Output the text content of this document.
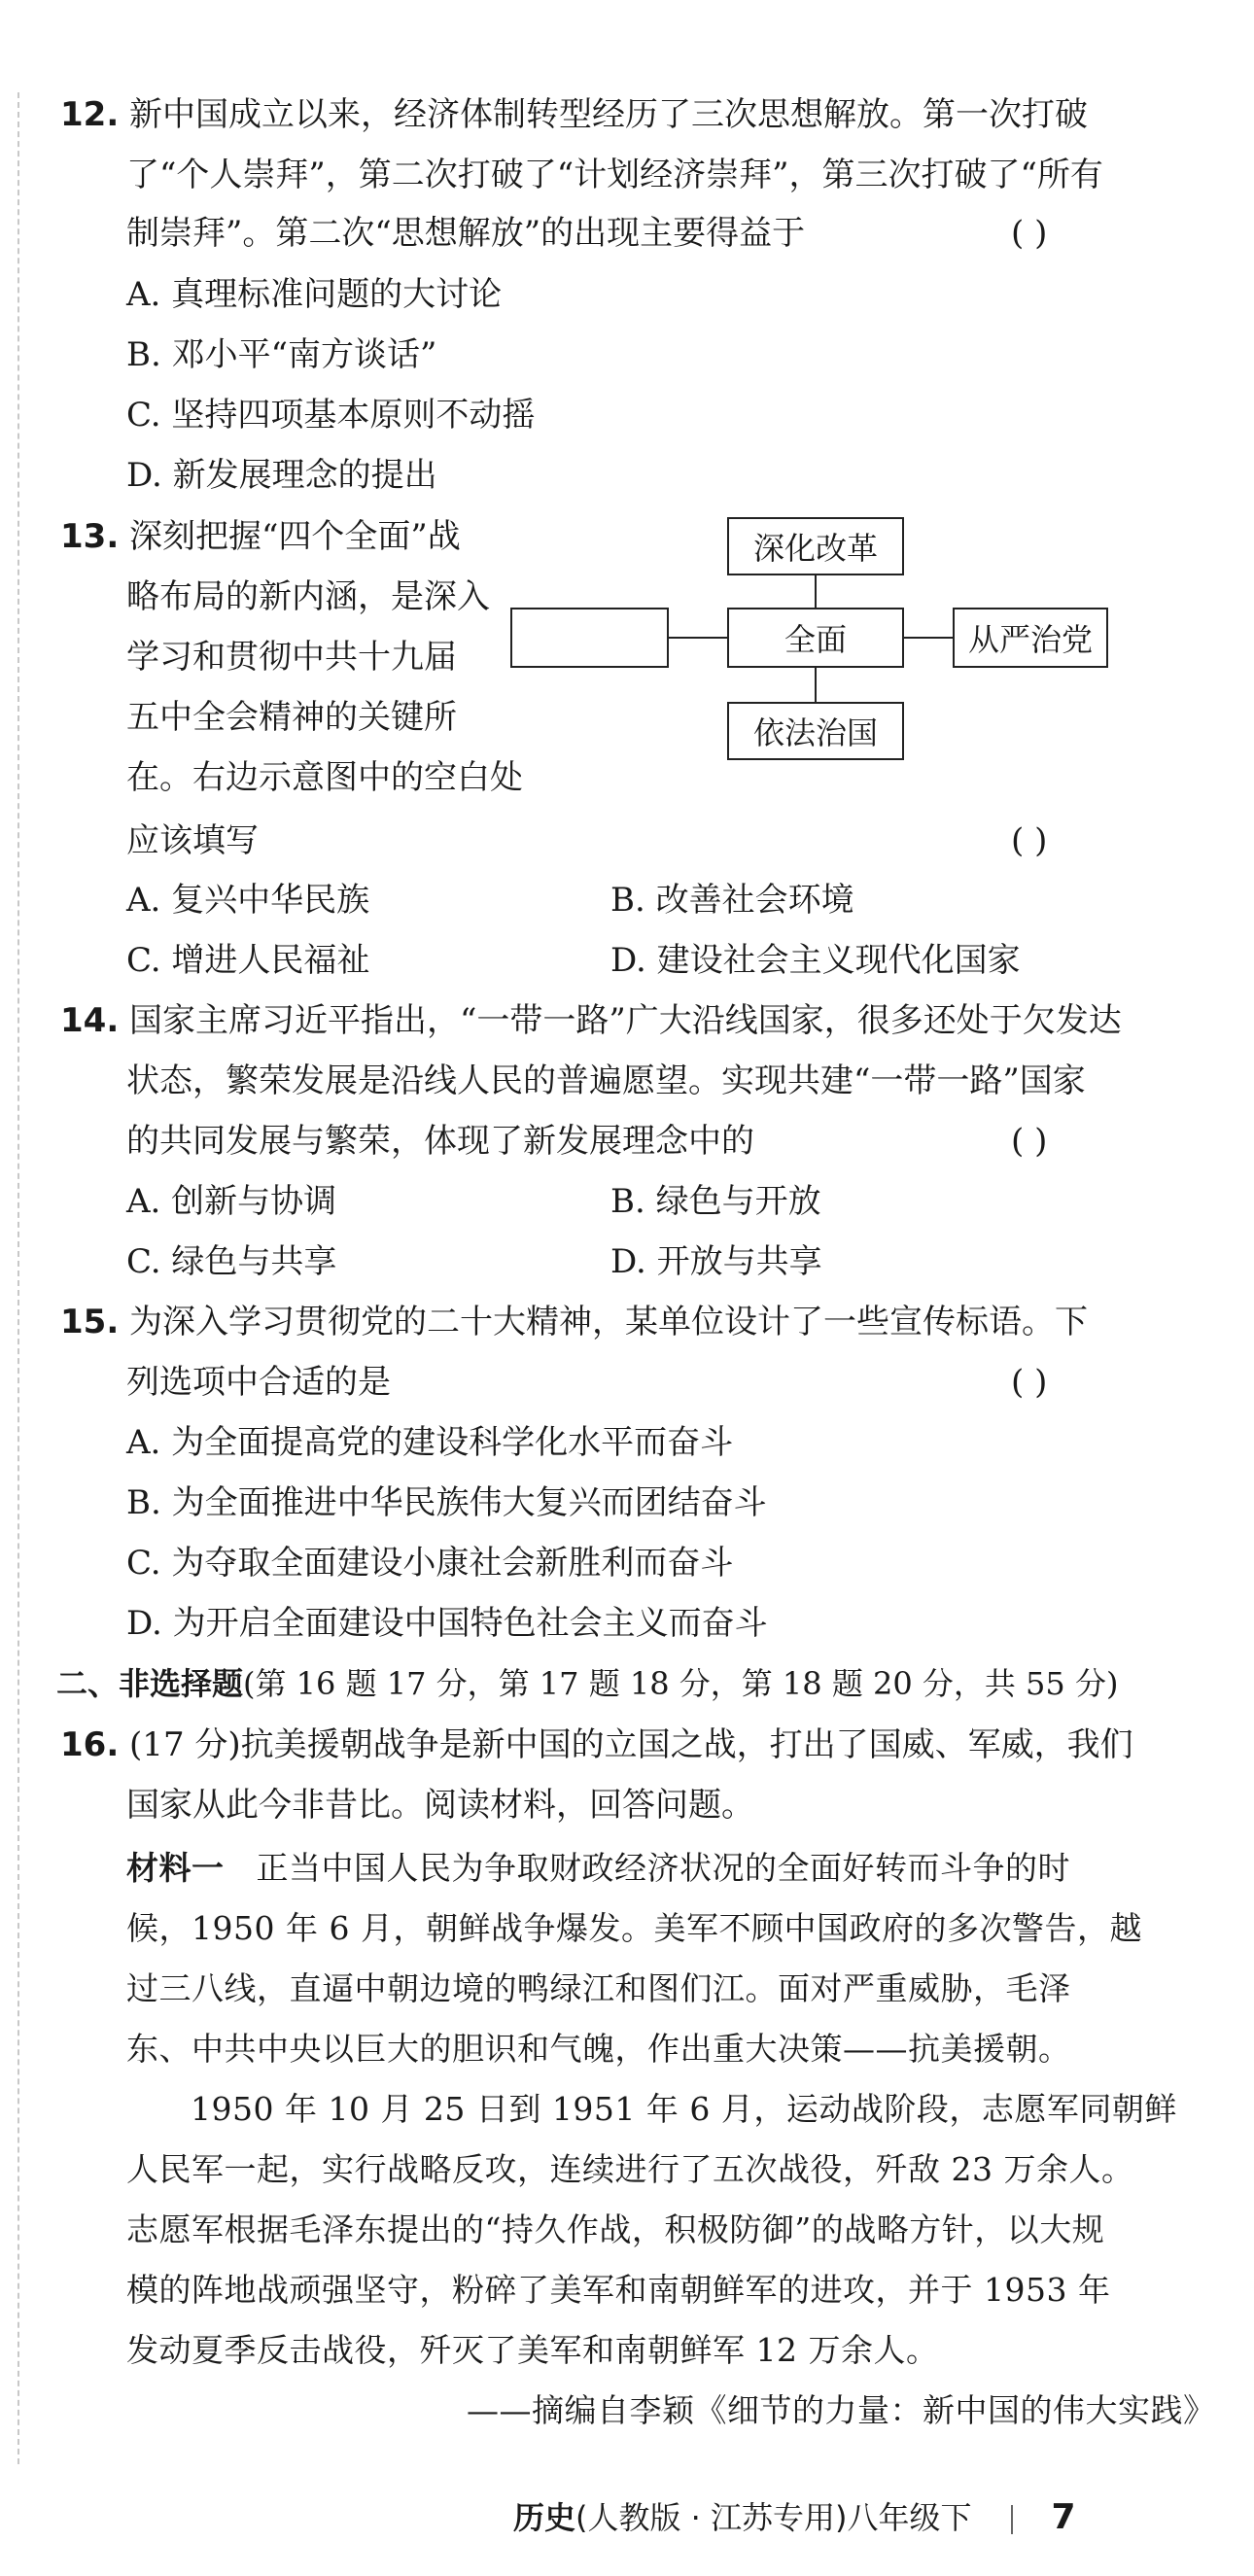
12. 新中国成立以来，经济体制转型经历了三次思想解放。第一次打破
了“个人崇拜”，第二次打破了“计划经济崇拜”，第三次打破了“所有
制崇拜”。第二次“思想解放”的出现主要得益于	( )
A. 真理标准问题的大讨论
B. 邓小平“南方谈话”
C. 坚持四项基本原则不动摇
D. 新发展理念的提出
13. 深刻把握“四个全面”战
略布局的新内涵，是深入
学习和贯彻中共十九届
五中全会精神的关键所
在。右边示意图中的空白处
应该填写	( )
深化改革
全面	从严治党
依法治国
A. 复兴中华民族	B. 改善社会环境
C. 增进人民福祉	D. 建设社会主义现代化国家
14. 国家主席习近平指出，“一带一路”广大沿线国家，很多还处于欠发达
状态，繁荣发展是沿线人民的普遍愿望。实现共建“一带一路”国家
的共同发展与繁荣，体现了新发展理念中的	( )
A. 创新与协调	B. 绿色与开放
C. 绿色与共享	D. 开放与共享
15. 为深入学习贯彻党的二十大精神，某单位设计了一些宣传标语。下
列选项中合适的是	( )
A. 为全面提高党的建设科学化水平而奋斗
B. 为全面推进中华民族伟大复兴而团结奋斗
C. 为夺取全面建设小康社会新胜利而奋斗
D. 为开启全面建设中国特色社会主义而奋斗
二、非选择题(第 16 题 17 分，第 17 题 18 分，第 18 题 20 分，共 55 分)
16. (17 分)抗美援朝战争是新中国的立国之战，打出了国威、军威，我们
国家从此今非昔比。阅读材料，回答问题。
材料一 正当中国人民为争取财政经济状况的全面好转而斗争的时
候，1950 年 6 月，朝鲜战争爆发。美军不顾中国政府的多次警告，越
过三八线，直逼中朝边境的鸭绿江和图们江。面对严重威胁，毛泽
东、中共中央以巨大的胆识和气魄，作出重大决策——抗美援朝。
1950 年 10 月 25 日到 1951 年 6 月，运动战阶段，志愿军同朝鲜
人民军一起，实行战略反攻，连续进行了五次战役，歼敌 23 万余人。
志愿军根据毛泽东提出的“持久作战，积极防御”的战略方针，以大规
模的阵地战顽强坚守，粉碎了美军和南朝鲜军的进攻，并于 1953 年
发动夏季反击战役，歼灭了美军和南朝鲜军 12 万余人。
——摘编自李颖《细节的力量：新中国的伟大实践》
历史(人教版 · 江苏专用)八年级下 7
